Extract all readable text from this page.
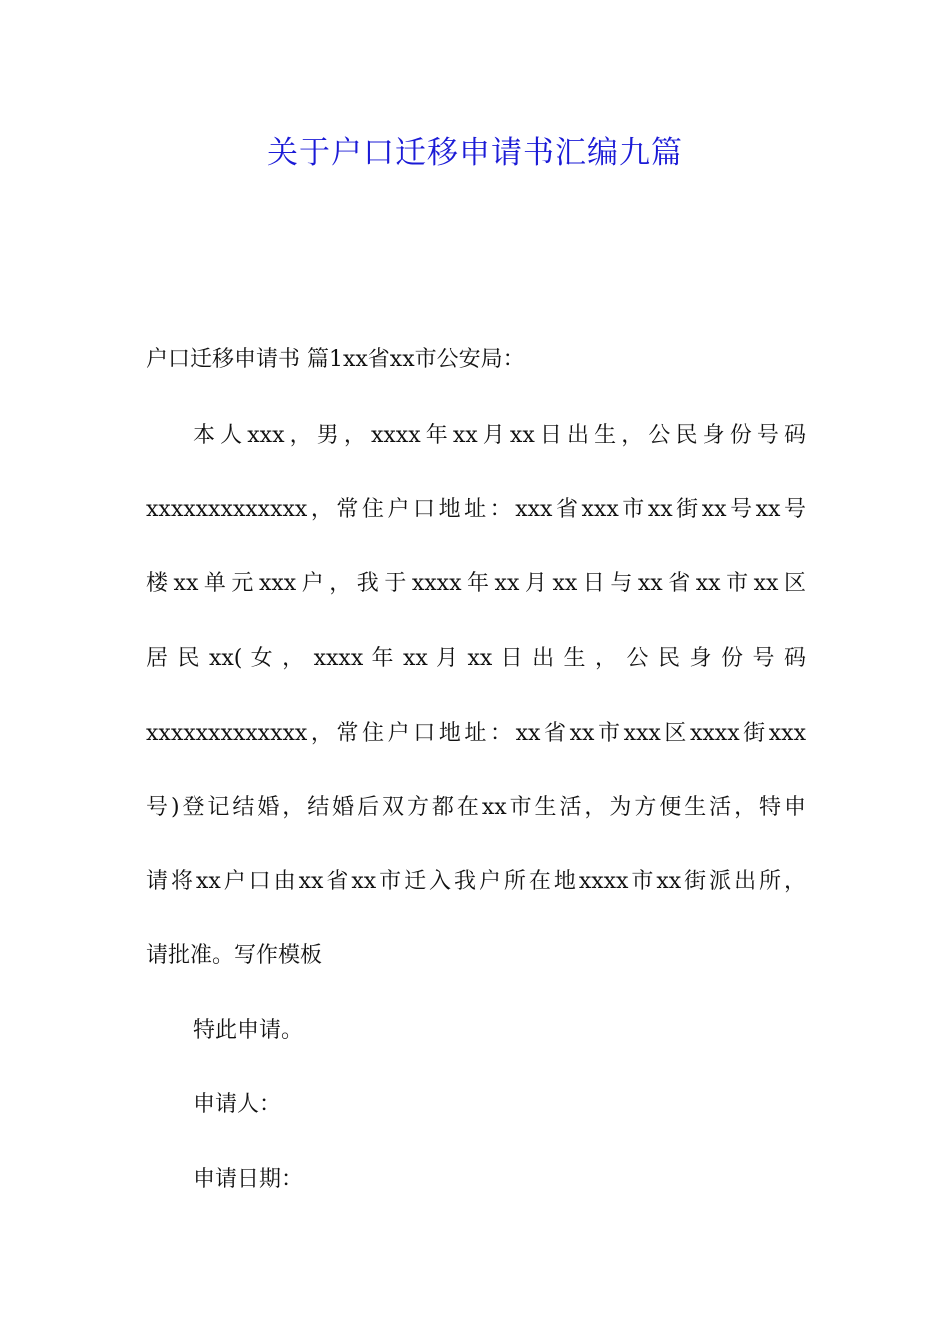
关于户口迁移申请书汇编九篇
户口迁移申请书 篇1xx省xx市公安局：
本人xxx，男，xxxx年xx月xx日出生，公民身份号码
xxxxxxxxxxxxx，常住户口地址：xxx省xxx市xx街xx号xx号
楼xx单元xxx户，我于xxxx年xx月xx日与xx省xx市xx区
居 民 xx( 女 ， xxxx 年 xx 月 xx 日 出 生 ， 公 民 身 份 号 码
xxxxxxxxxxxxx，常住户口地址：xx省xx市xxx区xxxx街xxx
号)登记结婚，结婚后双方都在xx市生活，为方便生活，特申
请将xx户口由xx省xx市迁入我户所在地xxxx市xx街派出所，
请批准。写作模板
特此申请。
申请人：
申请日期：
